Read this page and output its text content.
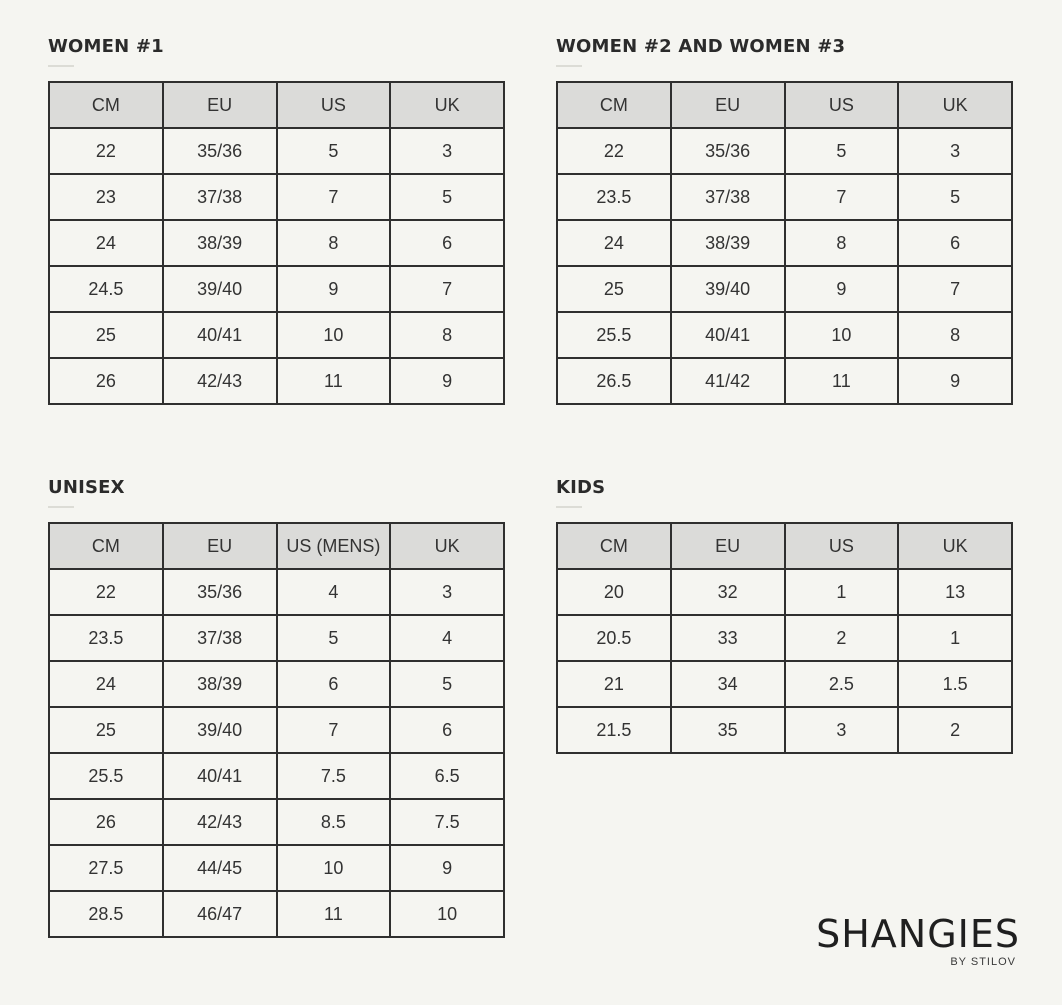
WOMEN #1
CM	EU	US	UK
22	35/36	5	3
23	37/38	7	5
24	38/39	8	6
24.5	39/40	9	7
25	40/41	10	8
26	42/43	11	9
WOMEN #2 AND WOMEN #3
CM	EU	US	UK
22	35/36	5	3
23.5	37/38	7	5
24	38/39	8	6
25	39/40	9	7
25.5	40/41	10	8
26.5	41/42	11	9
UNISEX
CM	EU	US (MENS)	UK
22	35/36	4	3
23.5	37/38	5	4
24	38/39	6	5
25	39/40	7	6
25.5	40/41	7.5	6.5
26	42/43	8.5	7.5
27.5	44/45	10	9
28.5	46/47	11	10
KIDS
CM	EU	US	UK
20	32	1	13
20.5	33	2	1
21	34	2.5	1.5
21.5	35	3	2
SHANGIES
BY STILOV
